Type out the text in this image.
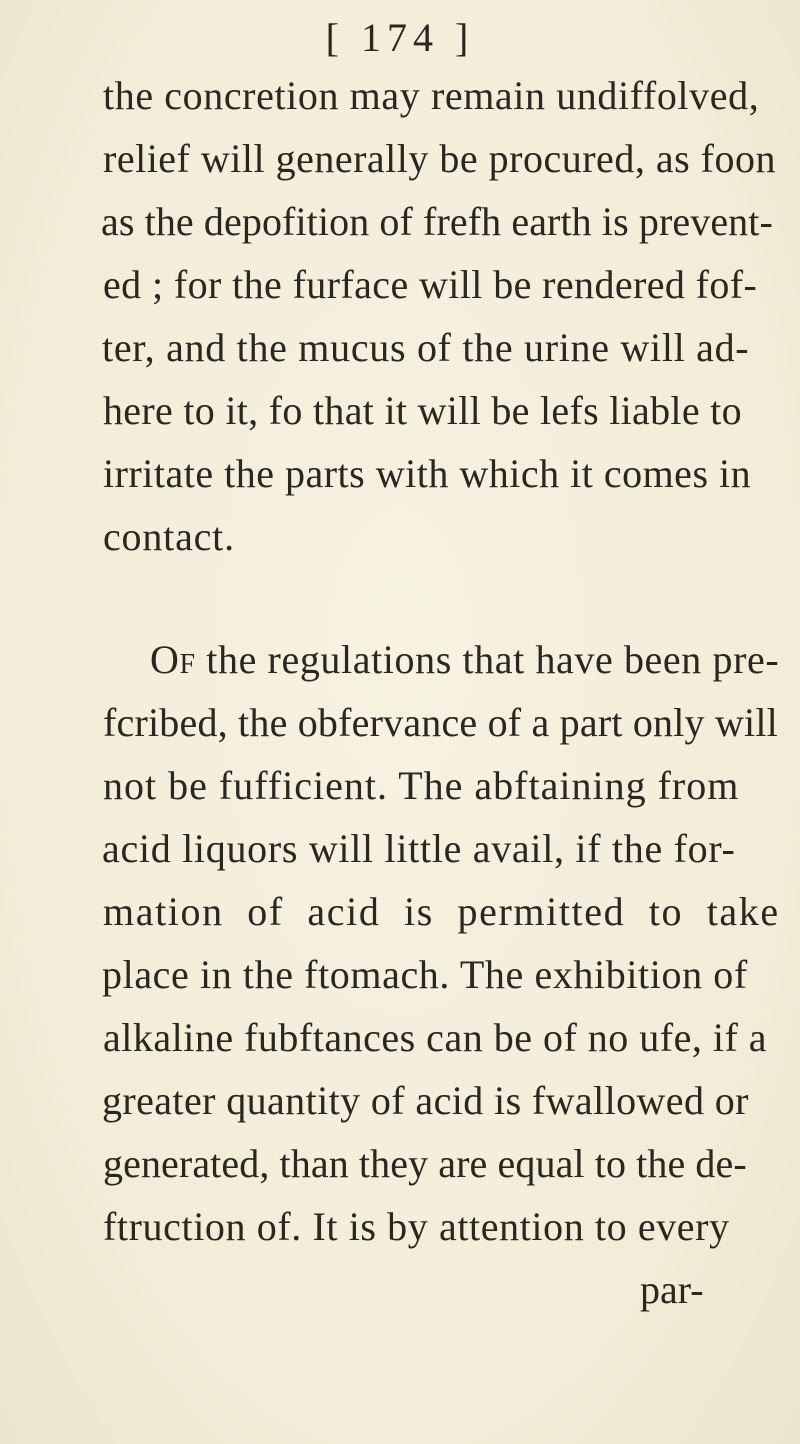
[ 174 ]
the concretion may remain undiffolved,
relief will generally be procured, as foon
as the depofition of frefh earth is prevent-
ed ; for the furface will be rendered fof-
ter, and the mucus of the urine will ad-
here to it, fo that it will be lefs liable to
irritate the parts with which it comes in
contact.
Of the regulations that have been pre-
fcribed, the obfervance of a part only will
not be fufficient. The abftaining from
acid liquors will little avail, if the for-
mation of acid is permitted to take
place in the ftomach. The exhibition of
alkaline fubftances can be of no ufe, if a
greater quantity of acid is fwallowed or
generated, than they are equal to the de-
ftruction of. It is by attention to every
par-
